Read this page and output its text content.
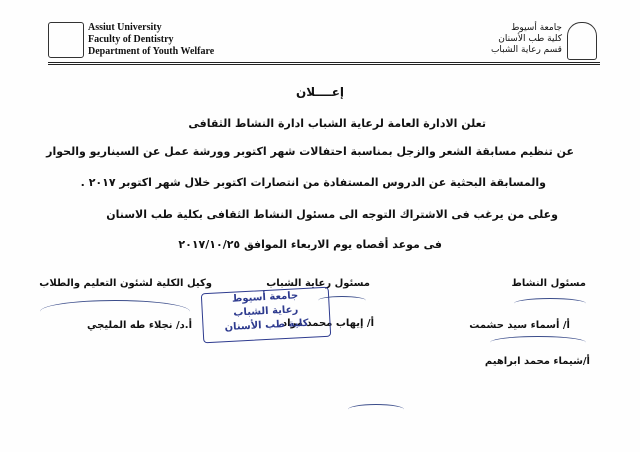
Assiut University
Faculty of Dentistry
Department of Youth Welfare
جامعة أسيوط
كلية طب الأسنان
قسم رعاية الشباب
إعــــلان
تعلن الادارة العامة لرعاية الشباب ادارة النشاط الثقافى
عن تنظيم مسابقة الشعر والزجل بمناسبة احتفالات شهر اكتوبر وورشة عمل عن السيناريو والحوار
والمسابقة البحثية عن الدروس المستفادة من انتصارات اكتوبر خلال شهر اكتوبر ٢٠١٧ .
وعلى من يرغب فى الاشتراك التوجه الى مسئول النشاط الثقافى بكلية طب الاسنان
فى موعد أقصاه يوم الاربعاء الموافق ٢٠١٧/١٠/٢٥
مسئول النشاط
أ/ أسماء سيد حشمت
أ/شيماء محمد ابراهيم
مسئول رعاية الشباب
أ/ إيهاب محمد مراد
وكيل الكلية لشئون التعليم والطلاب
أ.د/ نجلاء طه المليجي
جامعة أسيوط
رعاية الشباب
كلية طب الأسنان
